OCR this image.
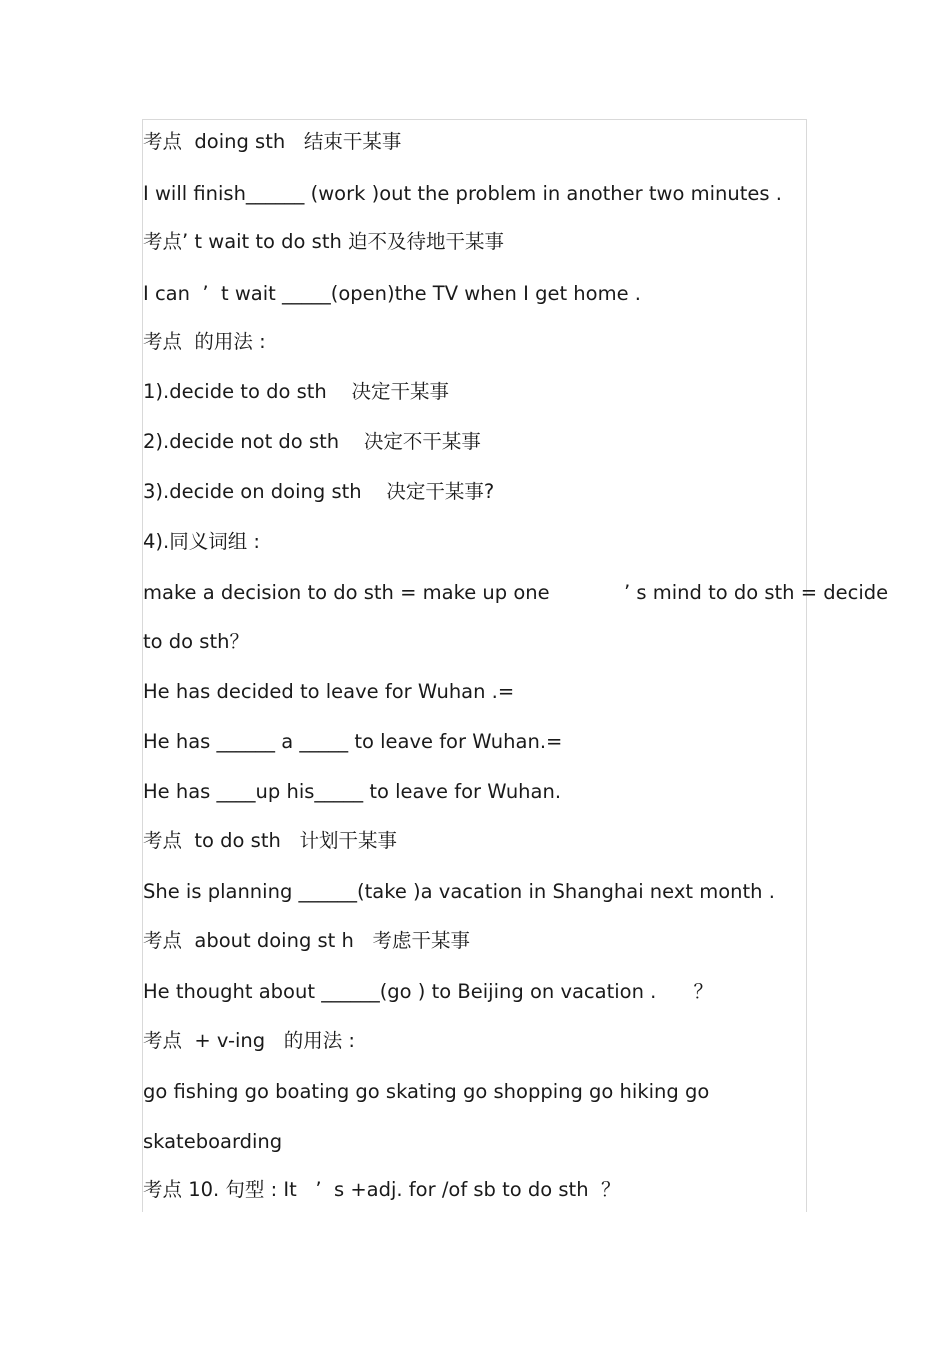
考点  doing sth   结束干某事
I will finish______ (work )out the problem in another two minutes .
考点’ t wait to do sth 迫不及待地干某事
I can  ’  t wait _____(open)the TV when I get home .
考点  的用法 :
1).decide to do sth    决定干某事
2).decide not do sth    决定不干某事
3).decide on doing sth    决定干某事?
4).同义词组 :
make a decision to do sth = make up one            ’ s mind to do sth = decide
to do sth？
He has decided to leave for Wuhan .=
He has ______ a _____ to leave for Wuhan.=
He has ____up his_____ to leave for Wuhan.
考点  to do sth   计划干某事
She is planning ______(take )a vacation in Shanghai next month .
考点  about doing st h   考虑干某事
He thought about ______(go ) to Beijing on vacation .      ？
考点  + v-ing   的用法 :
go fishing go boating go skating go shopping go hiking go
skateboarding
考点 10. 句型 : It   ’  s +adj. for /of sb to do sth  ？
